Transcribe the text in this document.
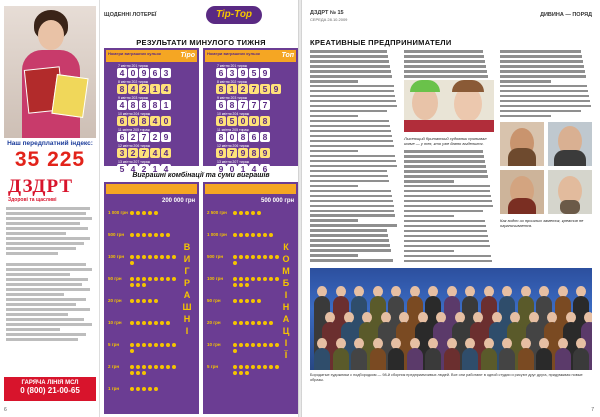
Наш передплатний індекс:
35 225
ДЗДРТ
Здорові та щасливі
ГАРЯЧА ЛІНІЯ МСЛ
0 (800) 21-00-65
6
ЩОДЕННІ ЛОТЕРЕЇ	Tip-Top
РЕЗУЛЬТАТИ МИНУЛОГО ТИЖНЯ
Номери виграшних кульок	Tipo
7 квітня 201 тираж
4 0 9 6 3
8 квітня 202 тираж
8 4 2 1 4
9 квітня 203 тираж
4 8 8 8 1
10 квітня 204 тираж
6 6 8 4 0
11 квітня 205 тираж
6 2 7 2 9
12 квітня 206 тираж
3 2 7 4 4
13 квітня 207 тираж
5 4 2 1 4
Номери виграшних кульок	Топ
7 квітня 201 тираж
6 3 9 5 9
8 квітня 202 тираж
8 1 2 7 5 9
9 квітня 203 тираж
6 8 7 7 7
10 квітня 204 тираж
6 5 0 0 8
11 квітня 205 тираж
8 0 8 6 8
12 квітня 206 тираж
9 7 9 8 9
13 квітня 207 тираж
9 0 1 4 6
Виграшні комбінації та суми виграшів
200 000 грн
1 000 грн
500 грн
100 грн
50 грн
20 грн
10 грн
5 грн
2 грн
1 грн
В
И
Г
Р
А
Ш
Н
І
500 000 грн
2 500 грн
1 000 грн
500 грн
100 грн
50 грн
20 грн
10 грн
5 грн
К
О
М
Б
І
Н
А
Ц
І
Ї
ДЗДРТ № 15
СЕРЕДА 28.10.2009
ДИВИНА — ПОРЯД
КРЕАТИВНЫЕ ПРЕДПРИНИМАТЕЛИ
Лысеющий британский художник принимал иначе — у тех, кто уже давно выделился.
Как видно из прошлых заметок, креатив не ограничивается.
Бородатые художники с подбородком — 98-й сборник предприимчивых людей. Все они работают в одной студии и рисуют друг друга, придумывая новые образы.
7
